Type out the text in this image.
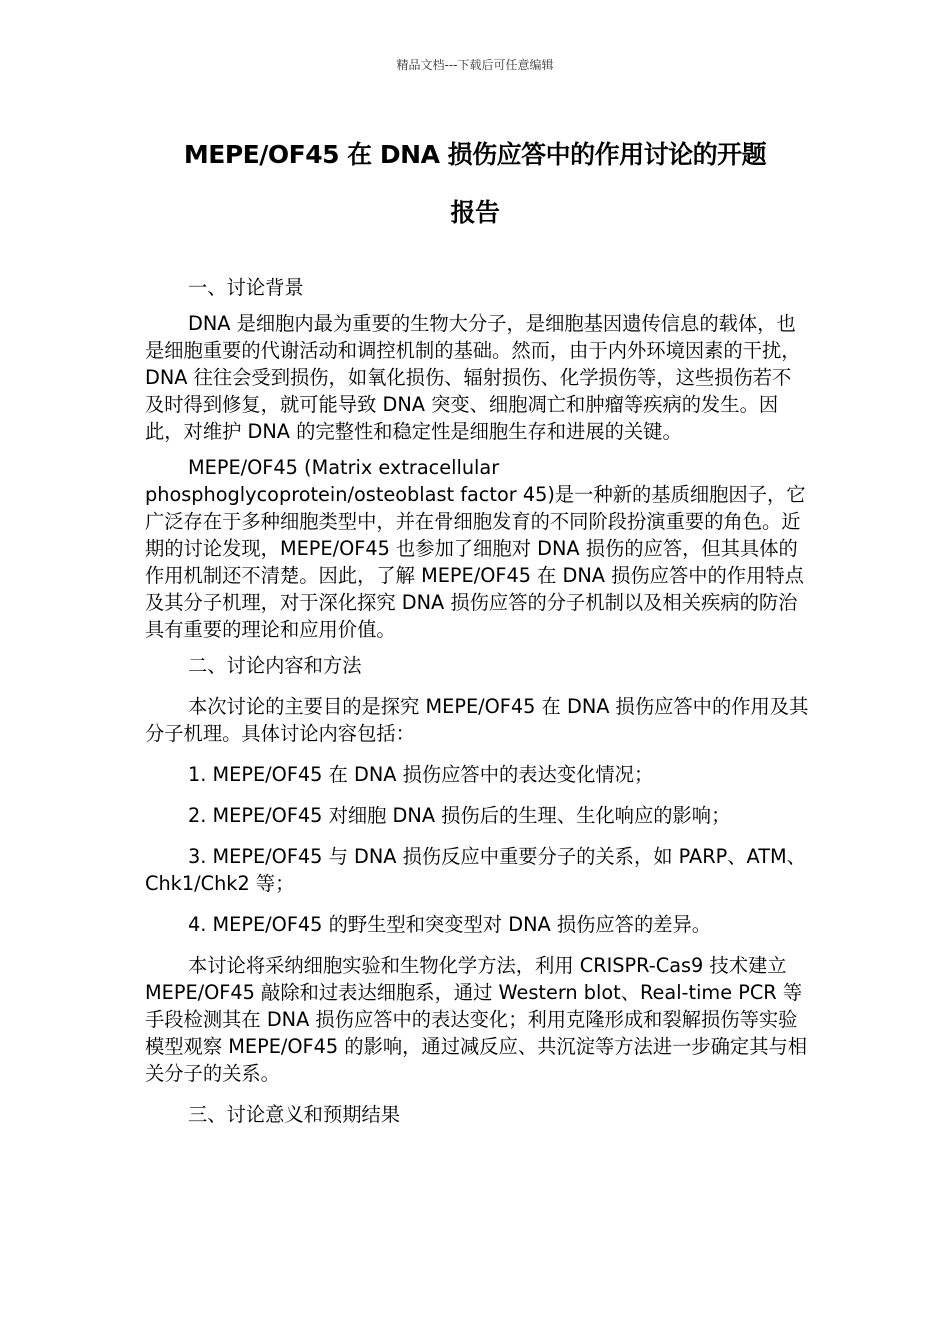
精品文档---下载后可任意编辑
MEPE/OF45 在 DNA 损伤应答中的作用讨论的开题
报告

一、讨论背景

DNA 是细胞内最为重要的生物大分子，是细胞基因遗传信息的载体，也是细胞重要的代谢活动和调控机制的基础。然而，由于内外环境因素的干扰，DNA 往往会受到损伤，如氧化损伤、辐射损伤、化学损伤等，这些损伤若不及时得到修复，就可能导致 DNA 突变、细胞凋亡和肿瘤等疾病的发生。因此，对维护 DNA 的完整性和稳定性是细胞生存和进展的关键。

MEPE/OF45 (Matrix extracellular phosphoglycoprotein/osteoblast factor 45)是一种新的基质细胞因子，它广泛存在于多种细胞类型中，并在骨细胞发育的不同阶段扮演重要的角色。近期的讨论发现，MEPE/OF45 也参加了细胞对 DNA 损伤的应答，但其具体的作用机制还不清楚。因此，了解 MEPE/OF45 在 DNA 损伤应答中的作用特点及其分子机理，对于深化探究 DNA 损伤应答的分子机制以及相关疾病的防治具有重要的理论和应用价值。

二、讨论内容和方法

本次讨论的主要目的是探究 MEPE/OF45 在 DNA 损伤应答中的作用及其分子机理。具体讨论内容包括：

1. MEPE/OF45 在 DNA 损伤应答中的表达变化情况；

2. MEPE/OF45 对细胞 DNA 损伤后的生理、生化响应的影响；

3. MEPE/OF45 与 DNA 损伤反应中重要分子的关系，如 PARP、ATM、Chk1/Chk2 等；

4. MEPE/OF45 的野生型和突变型对 DNA 损伤应答的差异。

本讨论将采纳细胞实验和生物化学方法，利用 CRISPR-Cas9 技术建立 MEPE/OF45 敲除和过表达细胞系，通过 Western blot、Real-time PCR 等手段检测其在 DNA 损伤应答中的表达变化；利用克隆形成和裂解损伤等实验模型观察 MEPE/OF45 的影响，通过减反应、共沉淀等方法进一步确定其与相关分子的关系。

三、讨论意义和预期结果
